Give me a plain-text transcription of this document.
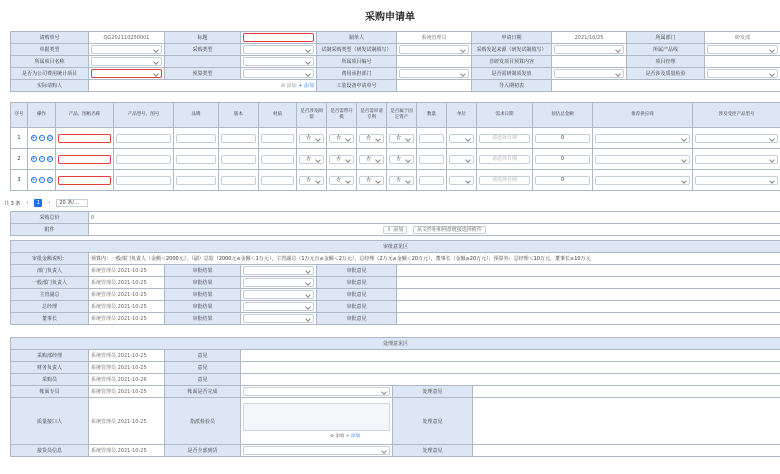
采购申请单
请购单号	QG202110250001	标题		制单人	系统管理员	申请日期	2021/10/25	所属部门	研发部
单据类型		采购类型		试制采购类型（研发试制填写）		采购发起来源（研发试制填写）		所属产品线	

所属项目名称				所属项目编号		非研发项目预算内容		项目经理	
是否为公司费用统计项目		预算类型		费用承担部门		是否需研制项发放		是否涉及质量检验	

实际请购人	⊘ 添加 + 添加			工装设备申请单号		导入期初表			
序号	操作	产品、图纸名称	产品型号、图号	品牌	版本	材质	是否涉及阀债	是否需带开模	是否需审请专利	是否属于固定资产	数量	单位	需求日期	预估总金额	推荐供应商	涉及受控产品型号
1	+ − ⊙						否	否	否	否			请选择日期	0		

2	+ − ⊙						否	否	否	否			请选择日期	0		

3	+ − ⊙						否	否	否	否			请选择日期	0		

共 3 条	‹	1	›	20 条/...
采购总价	0
附件	⇪ 添加 从文件柜和网盘链接选择附件
审批意见区					
审批金额说明：	预算内：一般部门负责人（金额＜2000元），（副）总监（2000元≤金额＜1万元），主管副总（1万元且≤金额＜2万元），总经理（2万元≤金额＜20万元），董事长（金额≥20万元）；预算外：总经理＜10万元，董事长≥10万元				
部门负责人	系统管理员 2021-10-25	审批结果		审批意见	
一般部门负责人	系统管理员 2021-10-25	审批结果		审批意见	
主管副总	系统管理员 2021-10-25	审批结果		审批意见	
总经理	系统管理员 2021-10-25	审批结果		审批意见	
董事长	系统管理员 2021-10-25	审批结果		审批意见	
处理意见区					
采购部经理	系统管理员 2021-10-25	意见			
财务负责人	系统管理员 2021-10-25	意见			
采购员	系统管理员 2021-10-26	意见			
帐面专员	系统管理员 2021-10-25	帐面是否完成		处理意见	
质量接口人	系统管理员 2021-10-25	指派检验员	⊘ 添加 + 添加	处理意见	
接货员信息	系统管理员 2021-10-25	是否全部到货		处理意见	
